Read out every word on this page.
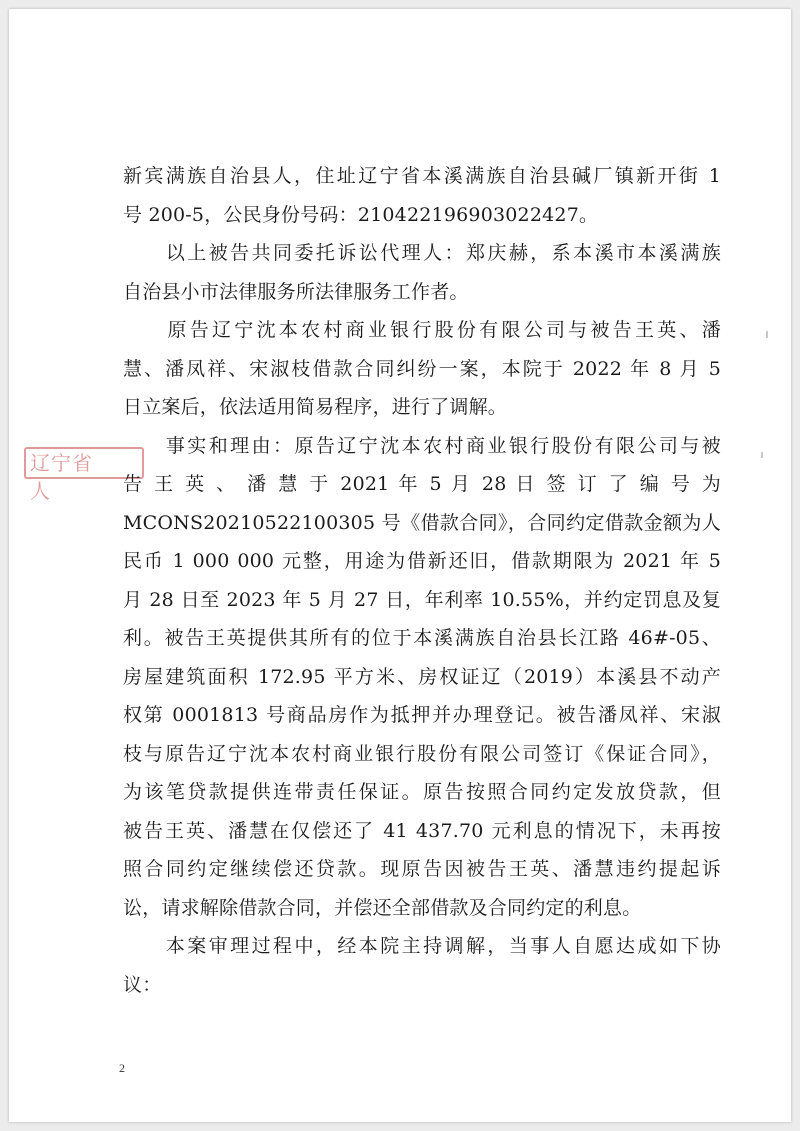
辽宁省人
新宾满族自治县人，住址辽宁省本溪满族自治县碱厂镇新开街 1
号 200-5，公民身份号码：210422196903022427。
　　以上被告共同委托诉讼代理人：郑庆赫，系本溪市本溪满族
自治县小市法律服务所法律服务工作者。
　　原告辽宁沈本农村商业银行股份有限公司与被告王英、潘
慧、潘凤祥、宋淑枝借款合同纠纷一案，本院于 2022 年 8 月 5
日立案后，依法适用简易程序，进行了调解。
　　事实和理由：原告辽宁沈本农村商业银行股份有限公司与被
告 王 英 、 潘 慧 于 2021 年 5 月 28 日 签 订 了 编 号 为
MCONS20210522100305 号《借款合同》，合同约定借款金额为人
民币 1 000 000 元整，用途为借新还旧，借款期限为 2021 年 5
月 28 日至 2023 年 5 月 27 日，年利率 10.55%，并约定罚息及复
利。被告王英提供其所有的位于本溪满族自治县长江路 46#-05、
房屋建筑面积 172.95 平方米、房权证辽（2019）本溪县不动产
权第 0001813 号商品房作为抵押并办理登记。被告潘凤祥、宋淑
枝与原告辽宁沈本农村商业银行股份有限公司签订《保证合同》，
为该笔贷款提供连带责任保证。原告按照合同约定发放贷款，但
被告王英、潘慧在仅偿还了 41 437.70 元利息的情况下，未再按
照合同约定继续偿还贷款。现原告因被告王英、潘慧违约提起诉
讼，请求解除借款合同，并偿还全部借款及合同约定的利息。
　　本案审理过程中，经本院主持调解，当事人自愿达成如下协
议：
2
